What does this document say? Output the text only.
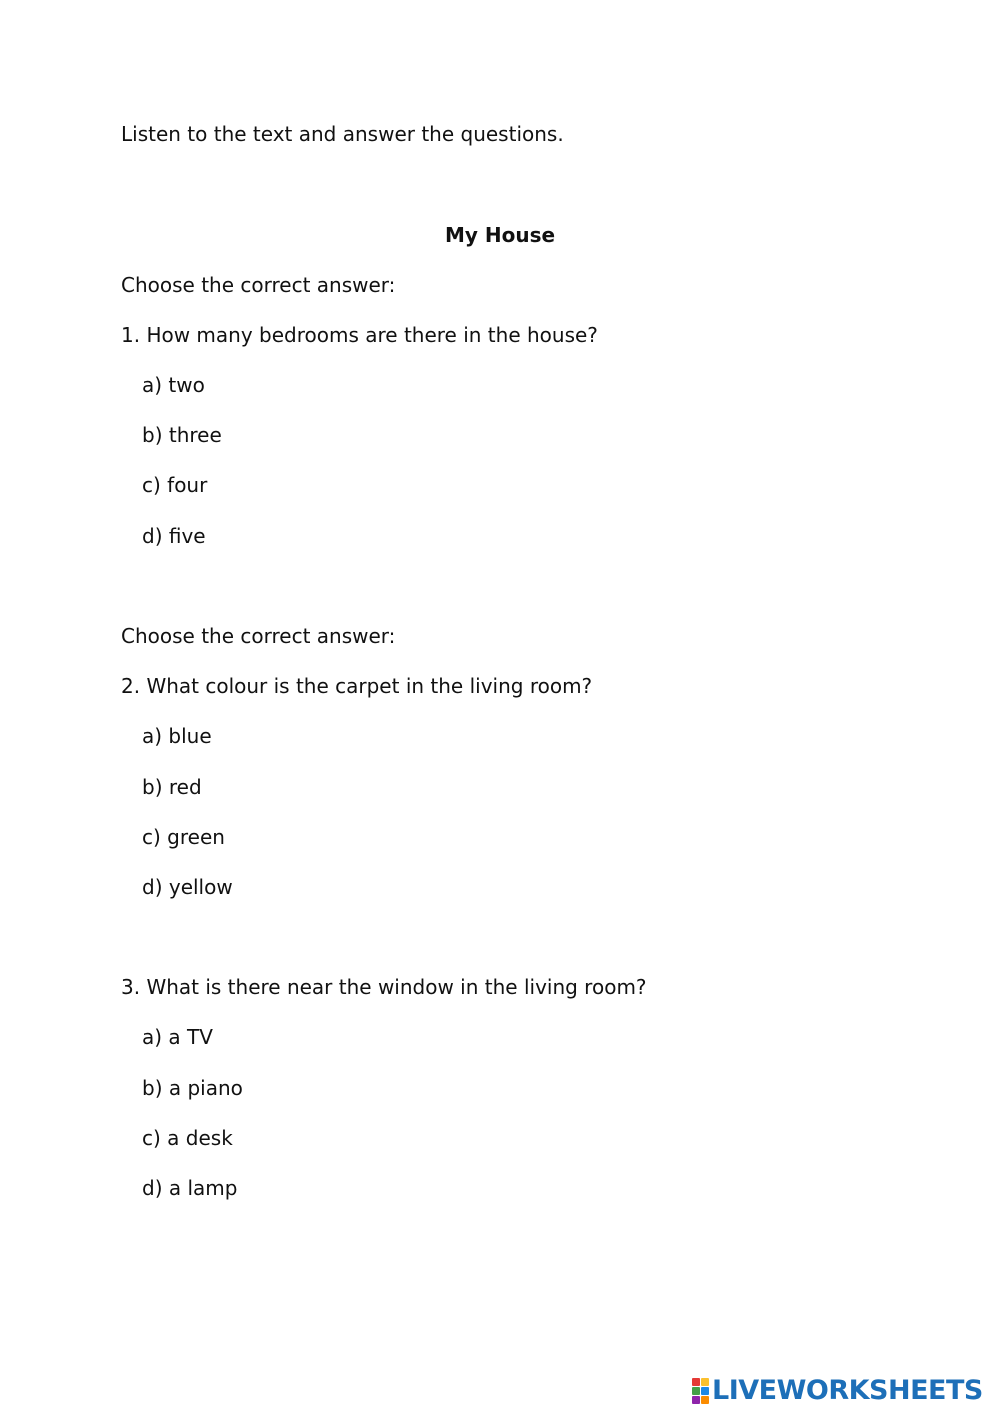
Listen to the text and answer the questions.
My House
Choose the correct answer:
1. How many bedrooms are there in the house?
a) two
b) three
c) four
d) five
Choose the correct answer:
2. What colour is the carpet in the living room?
a) blue
b) red
c) green
d) yellow
3. What is there near the window in the living room?
a) a TV
b) a piano
c) a desk
d) a lamp
LIVEWORKSHEETS
